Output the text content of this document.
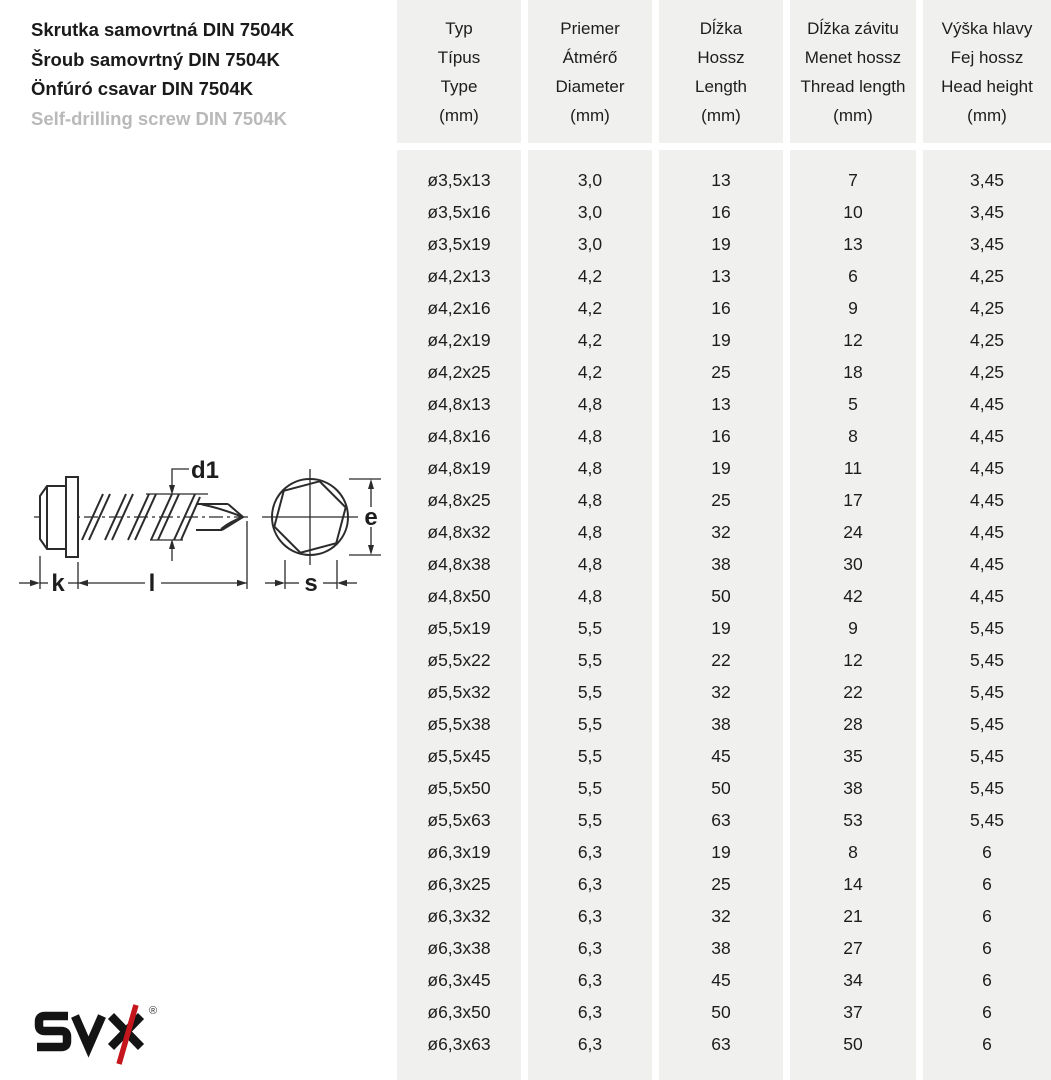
Skrutka samovrtná DIN 7504K
Šroub samovrtný DIN 7504K
Önfúró csavar DIN 7504K
Self-drilling screw DIN 7504K
d1
k	l
e
s
®
Typ
Típus
Type
(mm)
ø3,5x13
ø3,5x16
ø3,5x19
ø4,2x13
ø4,2x16
ø4,2x19
ø4,2x25
ø4,8x13
ø4,8x16
ø4,8x19
ø4,8x25
ø4,8x32
ø4,8x38
ø4,8x50
ø5,5x19
ø5,5x22
ø5,5x32
ø5,5x38
ø5,5x45
ø5,5x50
ø5,5x63
ø6,3x19
ø6,3x25
ø6,3x32
ø6,3x38
ø6,3x45
ø6,3x50
ø6,3x63
Priemer
Átmérő
Diameter
(mm)
3,0
3,0
3,0
4,2
4,2
4,2
4,2
4,8
4,8
4,8
4,8
4,8
4,8
4,8
5,5
5,5
5,5
5,5
5,5
5,5
5,5
6,3
6,3
6,3
6,3
6,3
6,3
6,3
Dĺžka
Hossz
Length
(mm)
13
16
19
13
16
19
25
13
16
19
25
32
38
50
19
22
32
38
45
50
63
19
25
32
38
45
50
63
Dĺžka závitu
Menet hossz
Thread length
(mm)
7
10
13
6
9
12
18
5
8
11
17
24
30
42
9
12
22
28
35
38
53
8
14
21
27
34
37
50
Výška hlavy
Fej hossz
Head height
(mm)
3,45
3,45
3,45
4,25
4,25
4,25
4,25
4,45
4,45
4,45
4,45
4,45
4,45
4,45
5,45
5,45
5,45
5,45
5,45
5,45
5,45
6
6
6
6
6
6
6
